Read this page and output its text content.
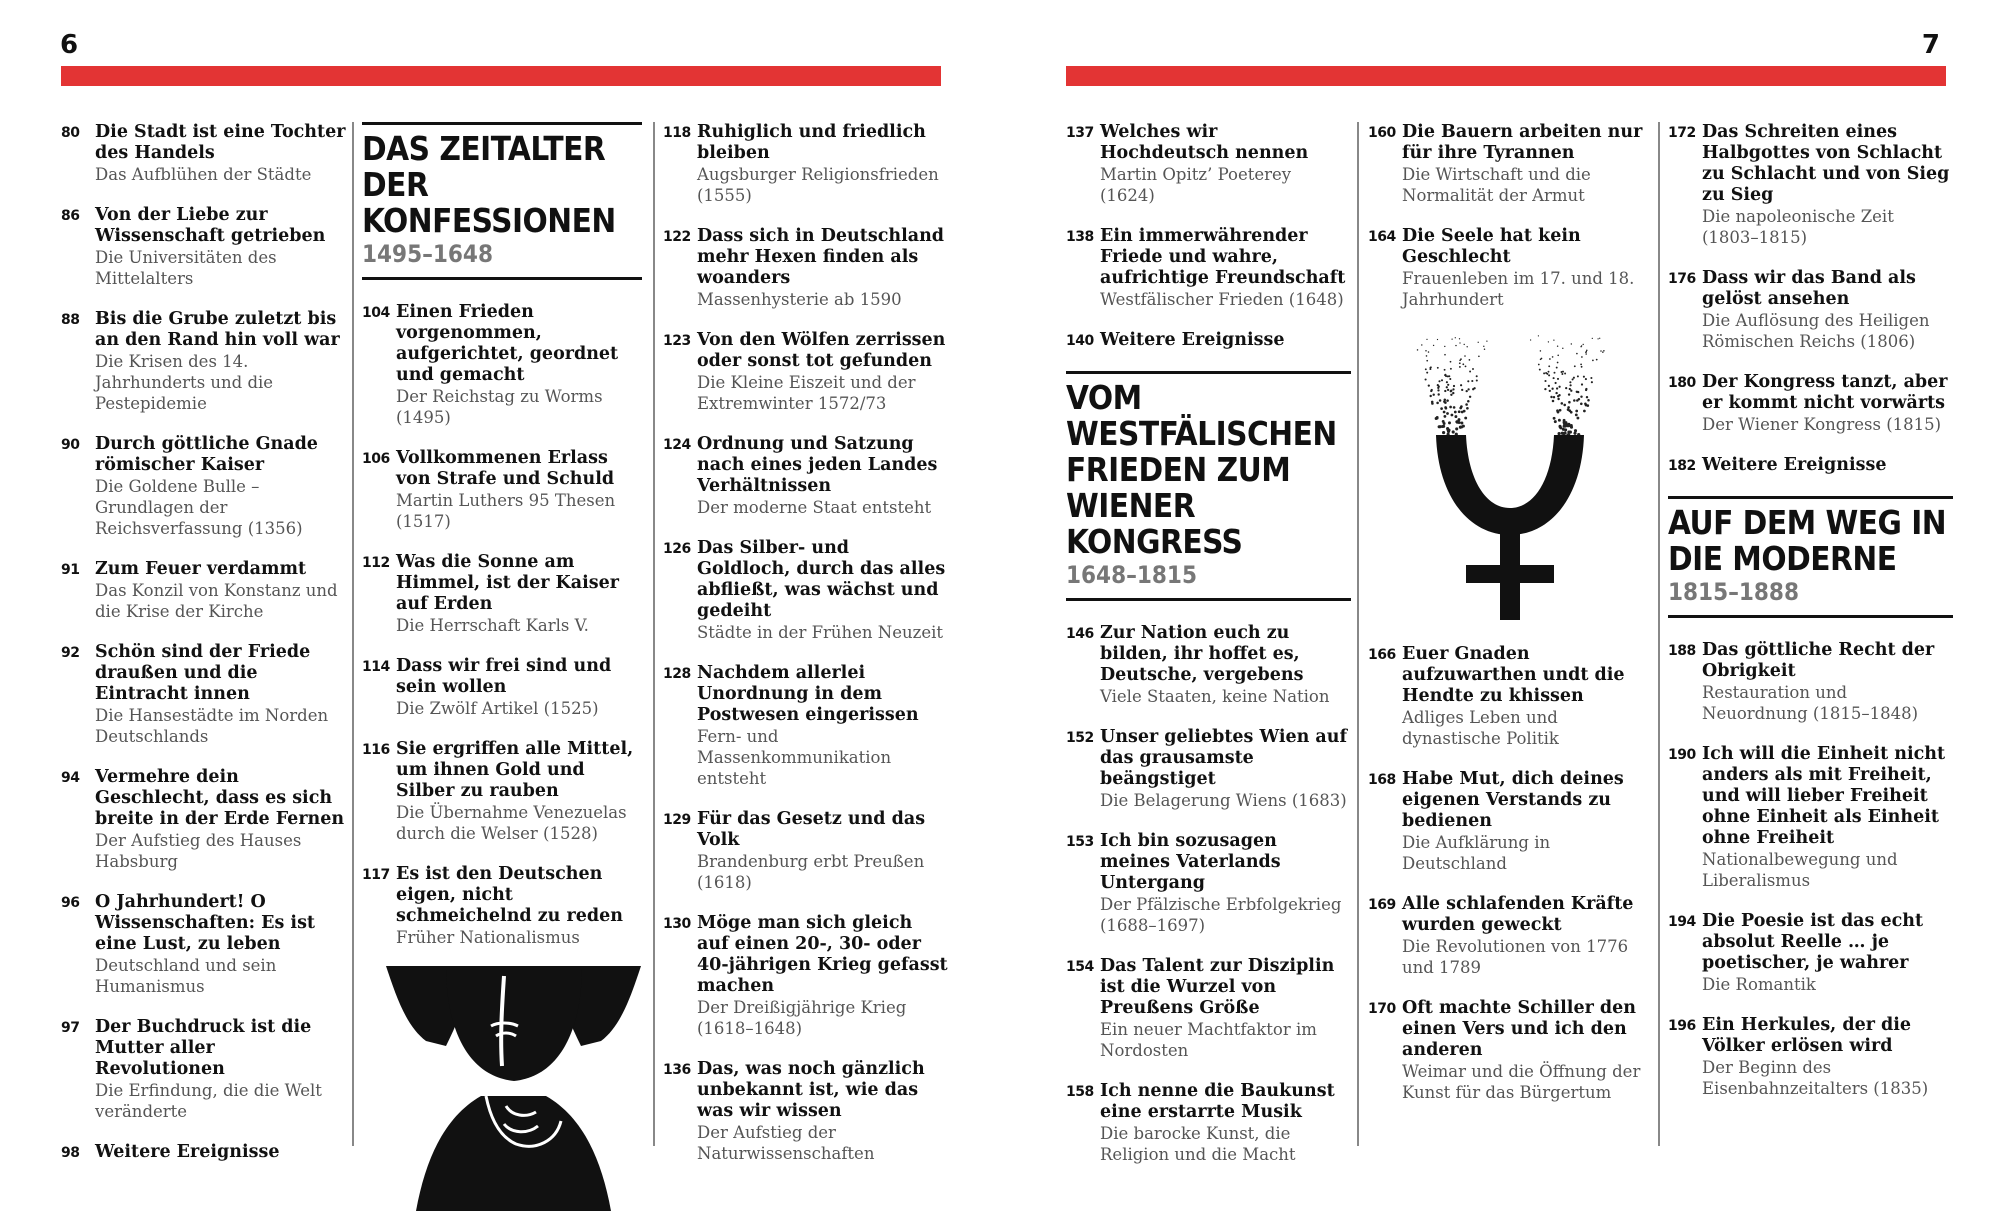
6	7
80 Die Stadt ist eine Tochter des Handels
Das Aufblühen der Städte
86 Von der Liebe zur Wissenschaft getrieben
Die Universitäten des Mittelalters
88 Bis die Grube zuletzt bis an den Rand hin voll war
Die Krisen des 14. Jahrhunderts und die Pestepidemie
90 Durch göttliche Gnade römischer Kaiser
Die Goldene Bulle – Grundlagen der Reichsverfassung (1356)
91 Zum Feuer verdammt
Das Konzil von Konstanz und die Krise der Kirche
92 Schön sind der Friede draußen und die Eintracht innen
Die Hansestädte im Norden Deutschlands
94 Vermehre dein Geschlecht, dass es sich breite in der Erde Fernen
Der Aufstieg des Hauses Habsburg
96 O Jahrhundert! O Wissenschaften: Es ist eine Lust, zu leben
Deutschland und sein Humanismus
97 Der Buchdruck ist die Mutter aller Revolutionen
Die Erfindung, die die Welt veränderte
98 Weitere Ereignisse
DAS ZEITALTER DER KONFESSIONEN
1495–1648
104 Einen Frieden vorgenommen, aufgerichtet, geordnet und gemacht
Der Reichstag zu Worms (1495)
106 Vollkommenen Erlass von Strafe und Schuld
Martin Luthers 95 Thesen (1517)
112 Was die Sonne am Himmel, ist der Kaiser auf Erden
Die Herrschaft Karls V.
114 Dass wir frei sind und sein wollen
Die Zwölf Artikel (1525)
116 Sie ergriffen alle Mittel, um ihnen Gold und Silber zu rauben
Die Übernahme Venezuelas durch die Welser (1528)
117 Es ist den Deutschen eigen, nicht schmeichelnd zu reden
Früher Nationalismus
118 Ruhiglich und friedlich bleiben
Augsburger Religionsfrieden (1555)
122 Dass sich in Deutschland mehr Hexen finden als woanders
Massenhysterie ab 1590
123 Von den Wölfen zerrissen oder sonst tot gefunden
Die Kleine Eiszeit und der Extremwinter 1572/73
124 Ordnung und Satzung nach eines jeden Landes Verhältnissen
Der moderne Staat entsteht
126 Das Silber- und Goldloch, durch das alles abfließt, was wächst und gedeiht
Städte in der Frühen Neuzeit
128 Nachdem allerlei Unordnung in dem Postwesen eingerissen
Fern- und Massenkommunikation entsteht
129 Für das Gesetz und das Volk
Brandenburg erbt Preußen (1618)
130 Möge man sich gleich auf einen 20-, 30- oder 40-jährigen Krieg gefasst machen
Der Dreißigjährige Krieg (1618–1648)
136 Das, was noch gänzlich unbekannt ist, wie das was wir wissen
Der Aufstieg der Naturwissenschaften
137 Welches wir Hochdeutsch nennen
Martin Opitz’ Poeterey (1624)
138 Ein immerwährender Friede und wahre, aufrichtige Freundschaft
Westfälischer Frieden (1648)
140 Weitere Ereignisse
VOM WESTFÄLISCHEN FRIEDEN ZUM WIENER KONGRESS
1648–1815
146 Zur Nation euch zu bilden, ihr hoffet es, Deutsche, vergebens
Viele Staaten, keine Nation
152 Unser geliebtes Wien auf das grausamste beängstiget
Die Belagerung Wiens (1683)
153 Ich bin sozusagen meines Vaterlands Untergang
Der Pfälzische Erbfolgekrieg (1688–1697)
154 Das Talent zur Disziplin ist die Wurzel von Preußens Größe
Ein neuer Machtfaktor im Nordosten
158 Ich nenne die Baukunst eine erstarrte Musik
Die barocke Kunst, die Religion und die Macht
160 Die Bauern arbeiten nur für ihre Tyrannen
Die Wirtschaft und die Normalität der Armut
164 Die Seele hat kein Geschlecht
Frauenleben im 17. und 18. Jahrhundert
166 Euer Gnaden aufzuwarthen undt die Hendte zu khissen
Adliges Leben und dynastische Politik
168 Habe Mut, dich deines eigenen Verstands zu bedienen
Die Aufklärung in Deutschland
169 Alle schlafenden Kräfte wurden geweckt
Die Revolutionen von 1776 und 1789
170 Oft machte Schiller den einen Vers und ich den anderen
Weimar und die Öffnung der Kunst für das Bürgertum
172 Das Schreiten eines Halbgottes von Schlacht zu Schlacht und von Sieg zu Sieg
Die napoleonische Zeit (1803–1815)
176 Dass wir das Band als gelöst ansehen
Die Auflösung des Heiligen Römischen Reichs (1806)
180 Der Kongress tanzt, aber er kommt nicht vorwärts
Der Wiener Kongress (1815)
182 Weitere Ereignisse
AUF DEM WEG IN DIE MODERNE
1815–1888
188 Das göttliche Recht der Obrigkeit
Restauration und Neuordnung (1815–1848)
190 Ich will die Einheit nicht anders als mit Freiheit, und will lieber Freiheit ohne Einheit als Einheit ohne Freiheit
Nationalbewegung und Liberalismus
194 Die Poesie ist das echt absolut Reelle … je poetischer, je wahrer
Die Romantik
196 Ein Herkules, der die Völker erlösen wird
Der Beginn des Eisenbahnzeitalters (1835)
